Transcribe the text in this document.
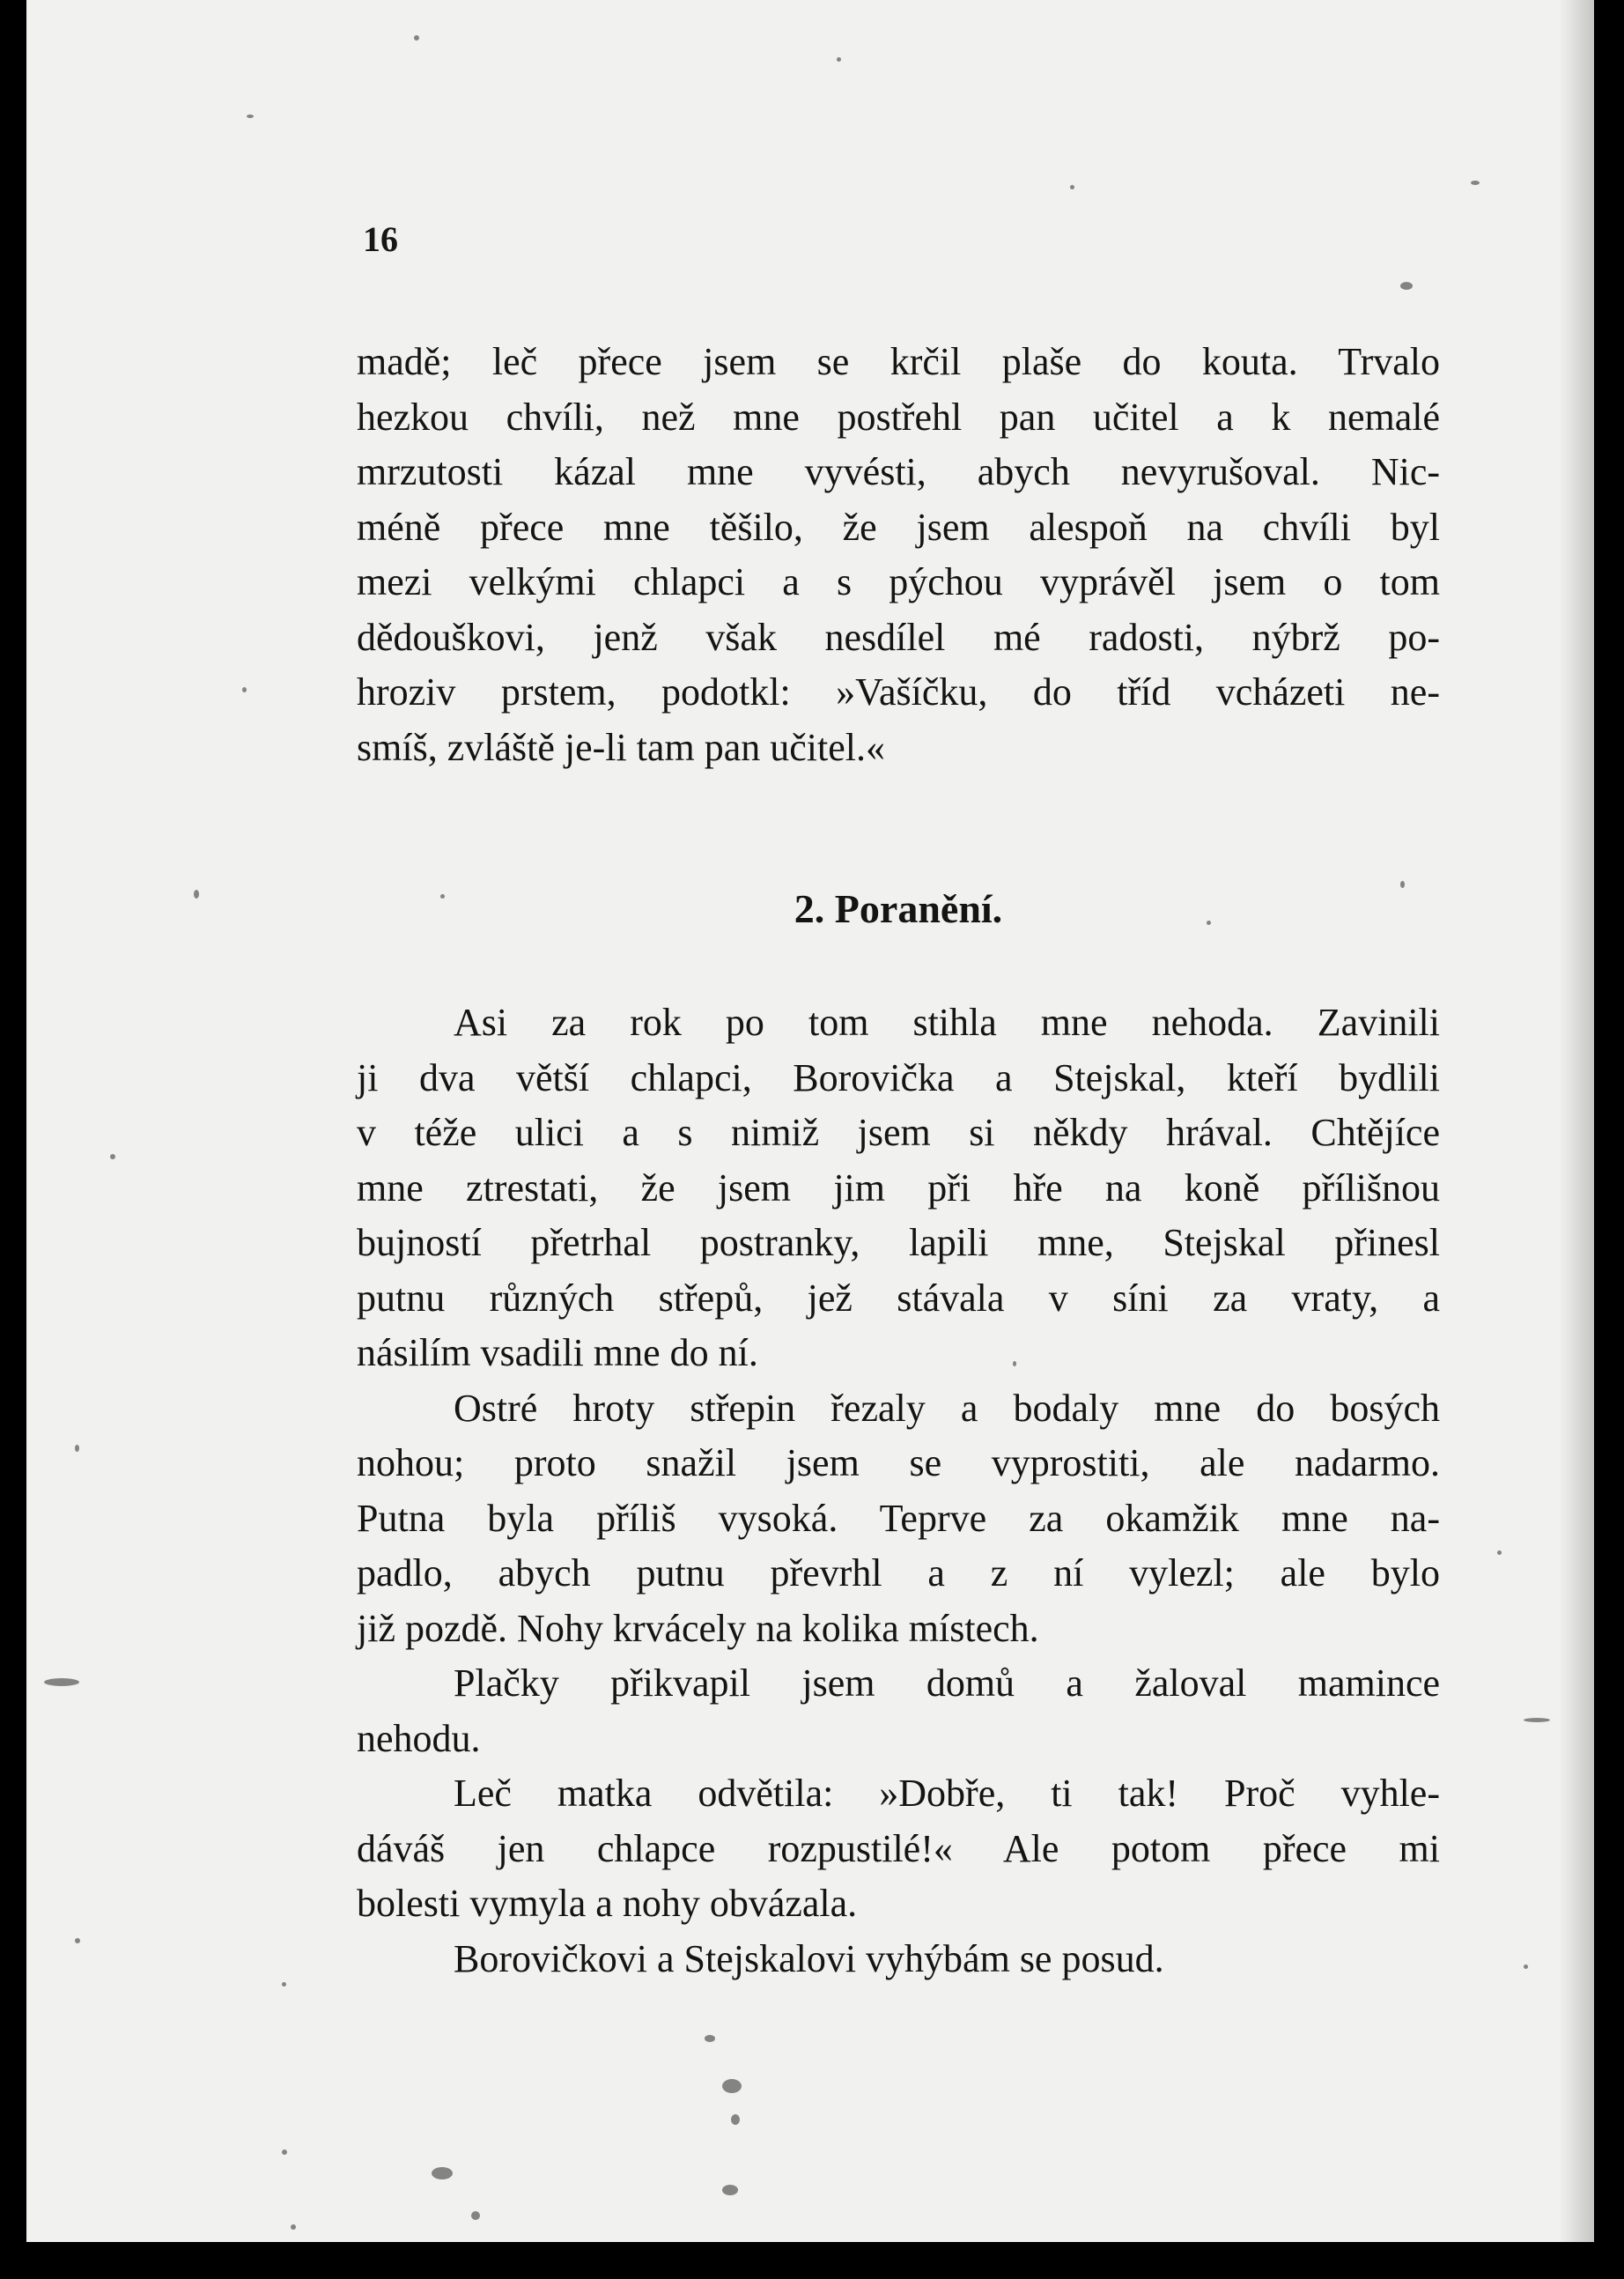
16

madě; leč přece jsem se krčil plaše do kouta. Trvalo

hezkou chvíli, než mne postřehl pan učitel a k nemalé

mrzutosti kázal mne vyvésti, abych nevyrušoval. Nic-

méně přece mne těšilo, že jsem alespoň na chvíli byl

mezi velkými chlapci a s pýchou vyprávěl jsem o tom

dědouškovi, jenž však nesdílel mé radosti, nýbrž po-

hroziv prstem, podotkl: »Vašíčku, do tříd vcházeti ne-

smíš, zvláště je-li tam pan učitel.«

2. Poranění.

Asi za rok po tom stihla mne nehoda. Zavinili

ji dva větší chlapci, Borovička a Stejskal, kteří bydlili

v téže ulici a s nimiž jsem si někdy hrával. Chtějíce

mne ztrestati, že jsem jim při hře na koně přílišnou

bujností přetrhal postranky, lapili mne, Stejskal přinesl

putnu různých střepů, jež stávala v síni za vraty, a

násilím vsadili mne do ní.

Ostré hroty střepin řezaly a bodaly mne do bosých

nohou; proto snažil jsem se vyprostiti, ale nadarmo.

Putna byla příliš vysoká. Teprve za okamžik mne na-

padlo, abych putnu převrhl a z ní vylezl; ale bylo

již pozdě. Nohy krvácely na kolika místech.

Plačky přikvapil jsem domů a žaloval mamince

nehodu.

Leč matka odvětila: »Dobře, ti tak! Proč vyhle-

dáváš jen chlapce rozpustilé!« Ale potom přece mi

bolesti vymyla a nohy obvázala.

Borovičkovi a Stejskalovi vyhýbám se posud.
